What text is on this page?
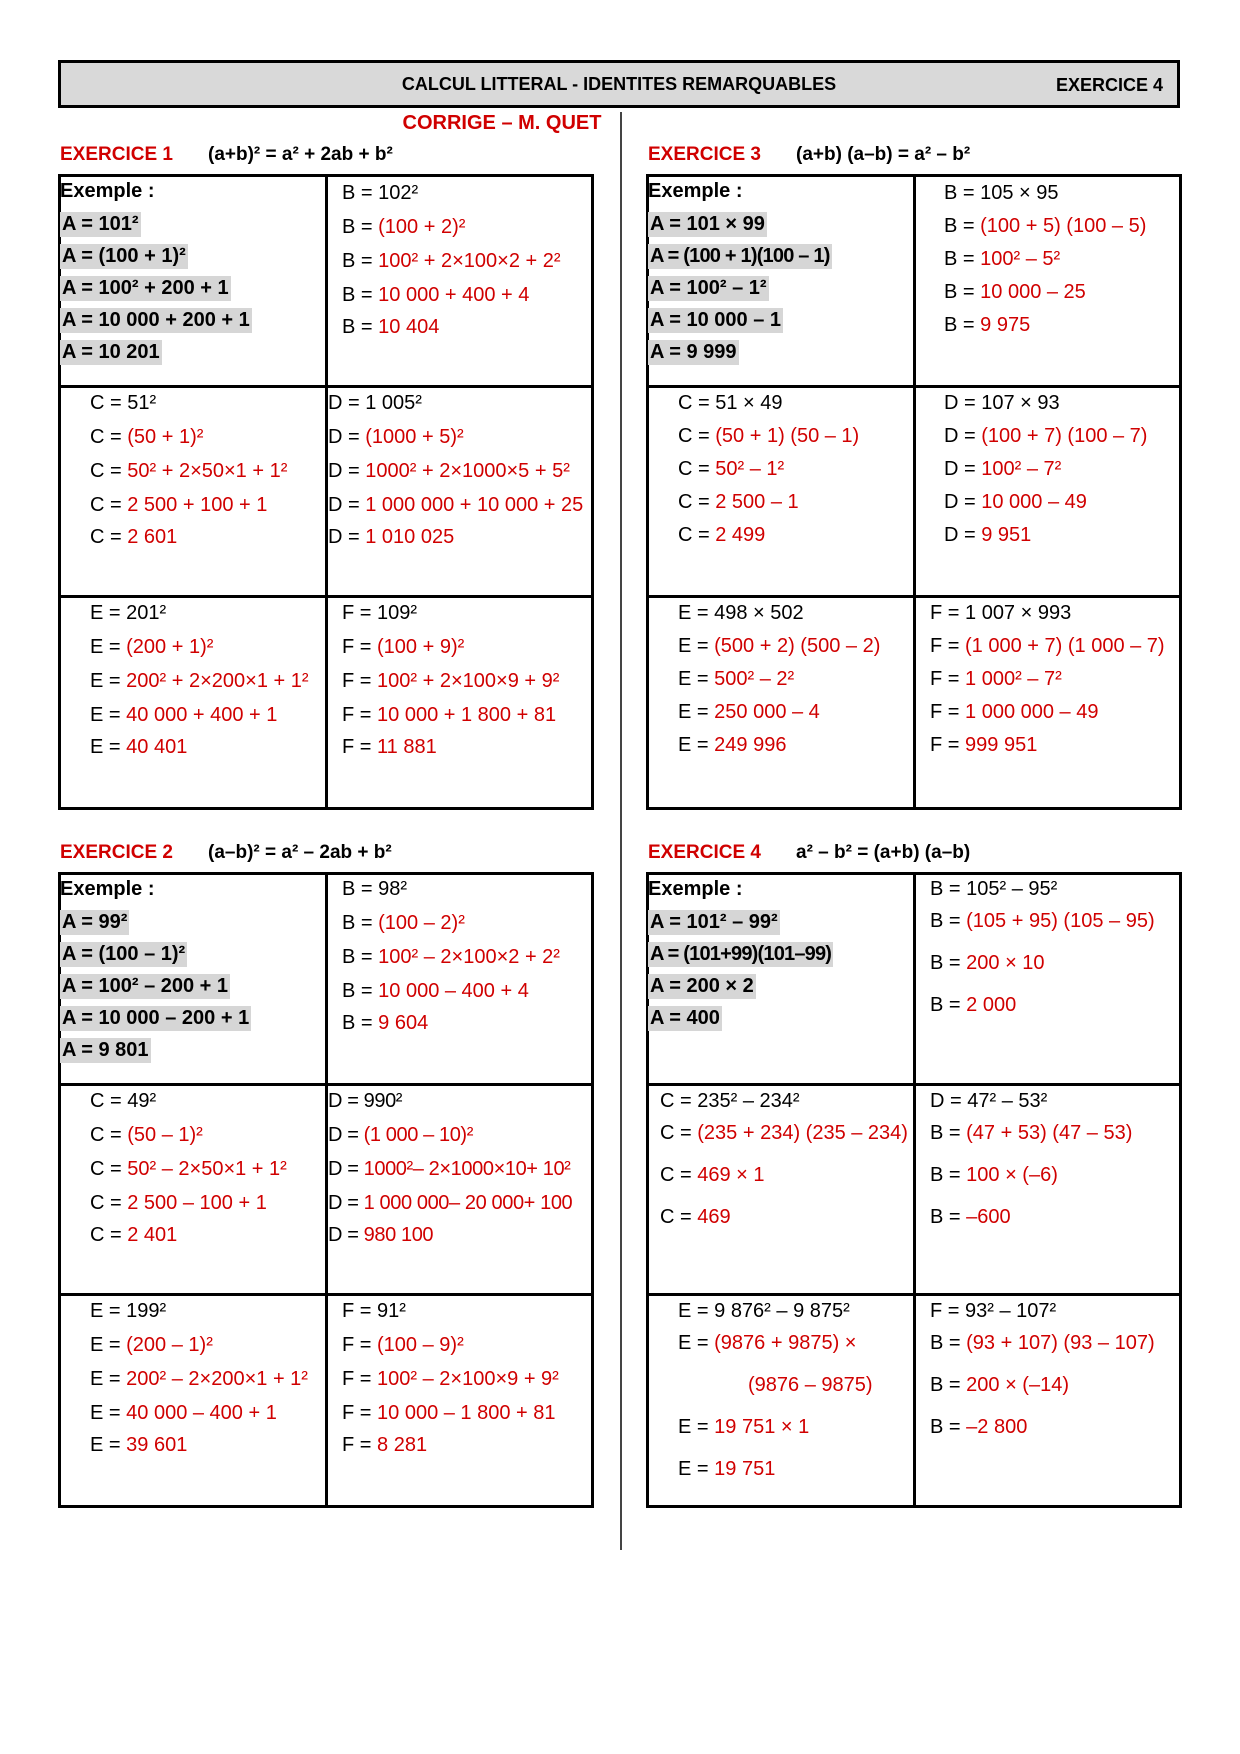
CALCUL LITTERAL - IDENTITES REMARQUABLES	EXERCICE 4
CORRIGE – M. QUET
EXERCICE 1 (a+b)² = a² + 2ab + b²
Exemple :
A = 101²
A = (100 + 1)²
A = 100² + 200 + 1
A = 10 000 + 200 + 1
A = 10 201
B = 102²
B = (100 + 2)²
B = 100² + 2×100×2 + 2²
B = 10 000 + 400 + 4
B = 10 404
C = 51²
C = (50 + 1)²
C = 50² + 2×50×1 + 1²
C = 2 500 + 100 + 1
C = 2 601
D = 1 005²
D = (1000 + 5)²
D = 1000² + 2×1000×5 + 5²
D = 1 000 000 + 10 000 + 25
D = 1 010 025
E = 201²
E = (200 + 1)²
E = 200² + 2×200×1 + 1²
E = 40 000 + 400 + 1
E = 40 401
F = 109²
F = (100 + 9)²
F = 100² + 2×100×9 + 9²
F = 10 000 + 1 800 + 81
F = 11 881
EXERCICE 3 (a+b) (a–b) = a² – b²
Exemple :
A = 101 × 99
A = (100 + 1)(100 – 1)
A = 100² – 1²
A = 10 000 – 1
A = 9 999
B = 105 × 95
B = (100 + 5) (100 – 5)
B = 100² – 5²
B = 10 000 – 25
B = 9 975
C = 51 × 49
C = (50 + 1) (50 – 1)
C = 50² – 1²
C = 2 500 – 1
C = 2 499
D = 107 × 93
D = (100 + 7) (100 – 7)
D = 100² – 7²
D = 10 000 – 49
D = 9 951
E = 498 × 502
E = (500 + 2) (500 – 2)
E = 500² – 2²
E = 250 000 – 4
E = 249 996
F = 1 007 × 993
F = (1 000 + 7) (1 000 – 7)
F = 1 000² – 7²
F = 1 000 000 – 49
F = 999 951
EXERCICE 2 (a–b)² = a² – 2ab + b²
Exemple :
A = 99²
A = (100 – 1)²
A = 100² – 200 + 1
A = 10 000 – 200 + 1
A = 9 801
B = 98²
B = (100 – 2)²
B = 100² – 2×100×2 + 2²
B = 10 000 – 400 + 4
B = 9 604
C = 49²
C = (50 – 1)²
C = 50² – 2×50×1 + 1²
C = 2 500 – 100 + 1
C = 2 401
D = 990²
D = (1 000 – 10)²
D = 1000²– 2×1000×10+ 10²
D = 1 000 000– 20 000+ 100
D = 980 100
E = 199²
E = (200 – 1)²
E = 200² – 2×200×1 + 1²
E = 40 000 – 400 + 1
E = 39 601
F = 91²
F = (100 – 9)²
F = 100² – 2×100×9 + 9²
F = 10 000 – 1 800 + 81
F = 8 281
EXERCICE 4 a² – b² = (a+b) (a–b)
Exemple :
A = 101² – 99²
A = (101+99)(101–99)
A = 200 × 2
A = 400
B = 105² – 95²
B = (105 + 95) (105 – 95)
B = 200 × 10
B = 2 000
C = 235² – 234²
C = (235 + 234) (235 – 234)
C = 469 × 1
C = 469
D = 47² – 53²
B = (47 + 53) (47 – 53)
B = 100 × (–6)
B = –600
E = 9 876² – 9 875²
E = (9876 + 9875) ×
(9876 – 9875)
E = 19 751 × 1
E = 19 751
F = 93² – 107²
B = (93 + 107) (93 – 107)
B = 200 × (–14)
B = –2 800
